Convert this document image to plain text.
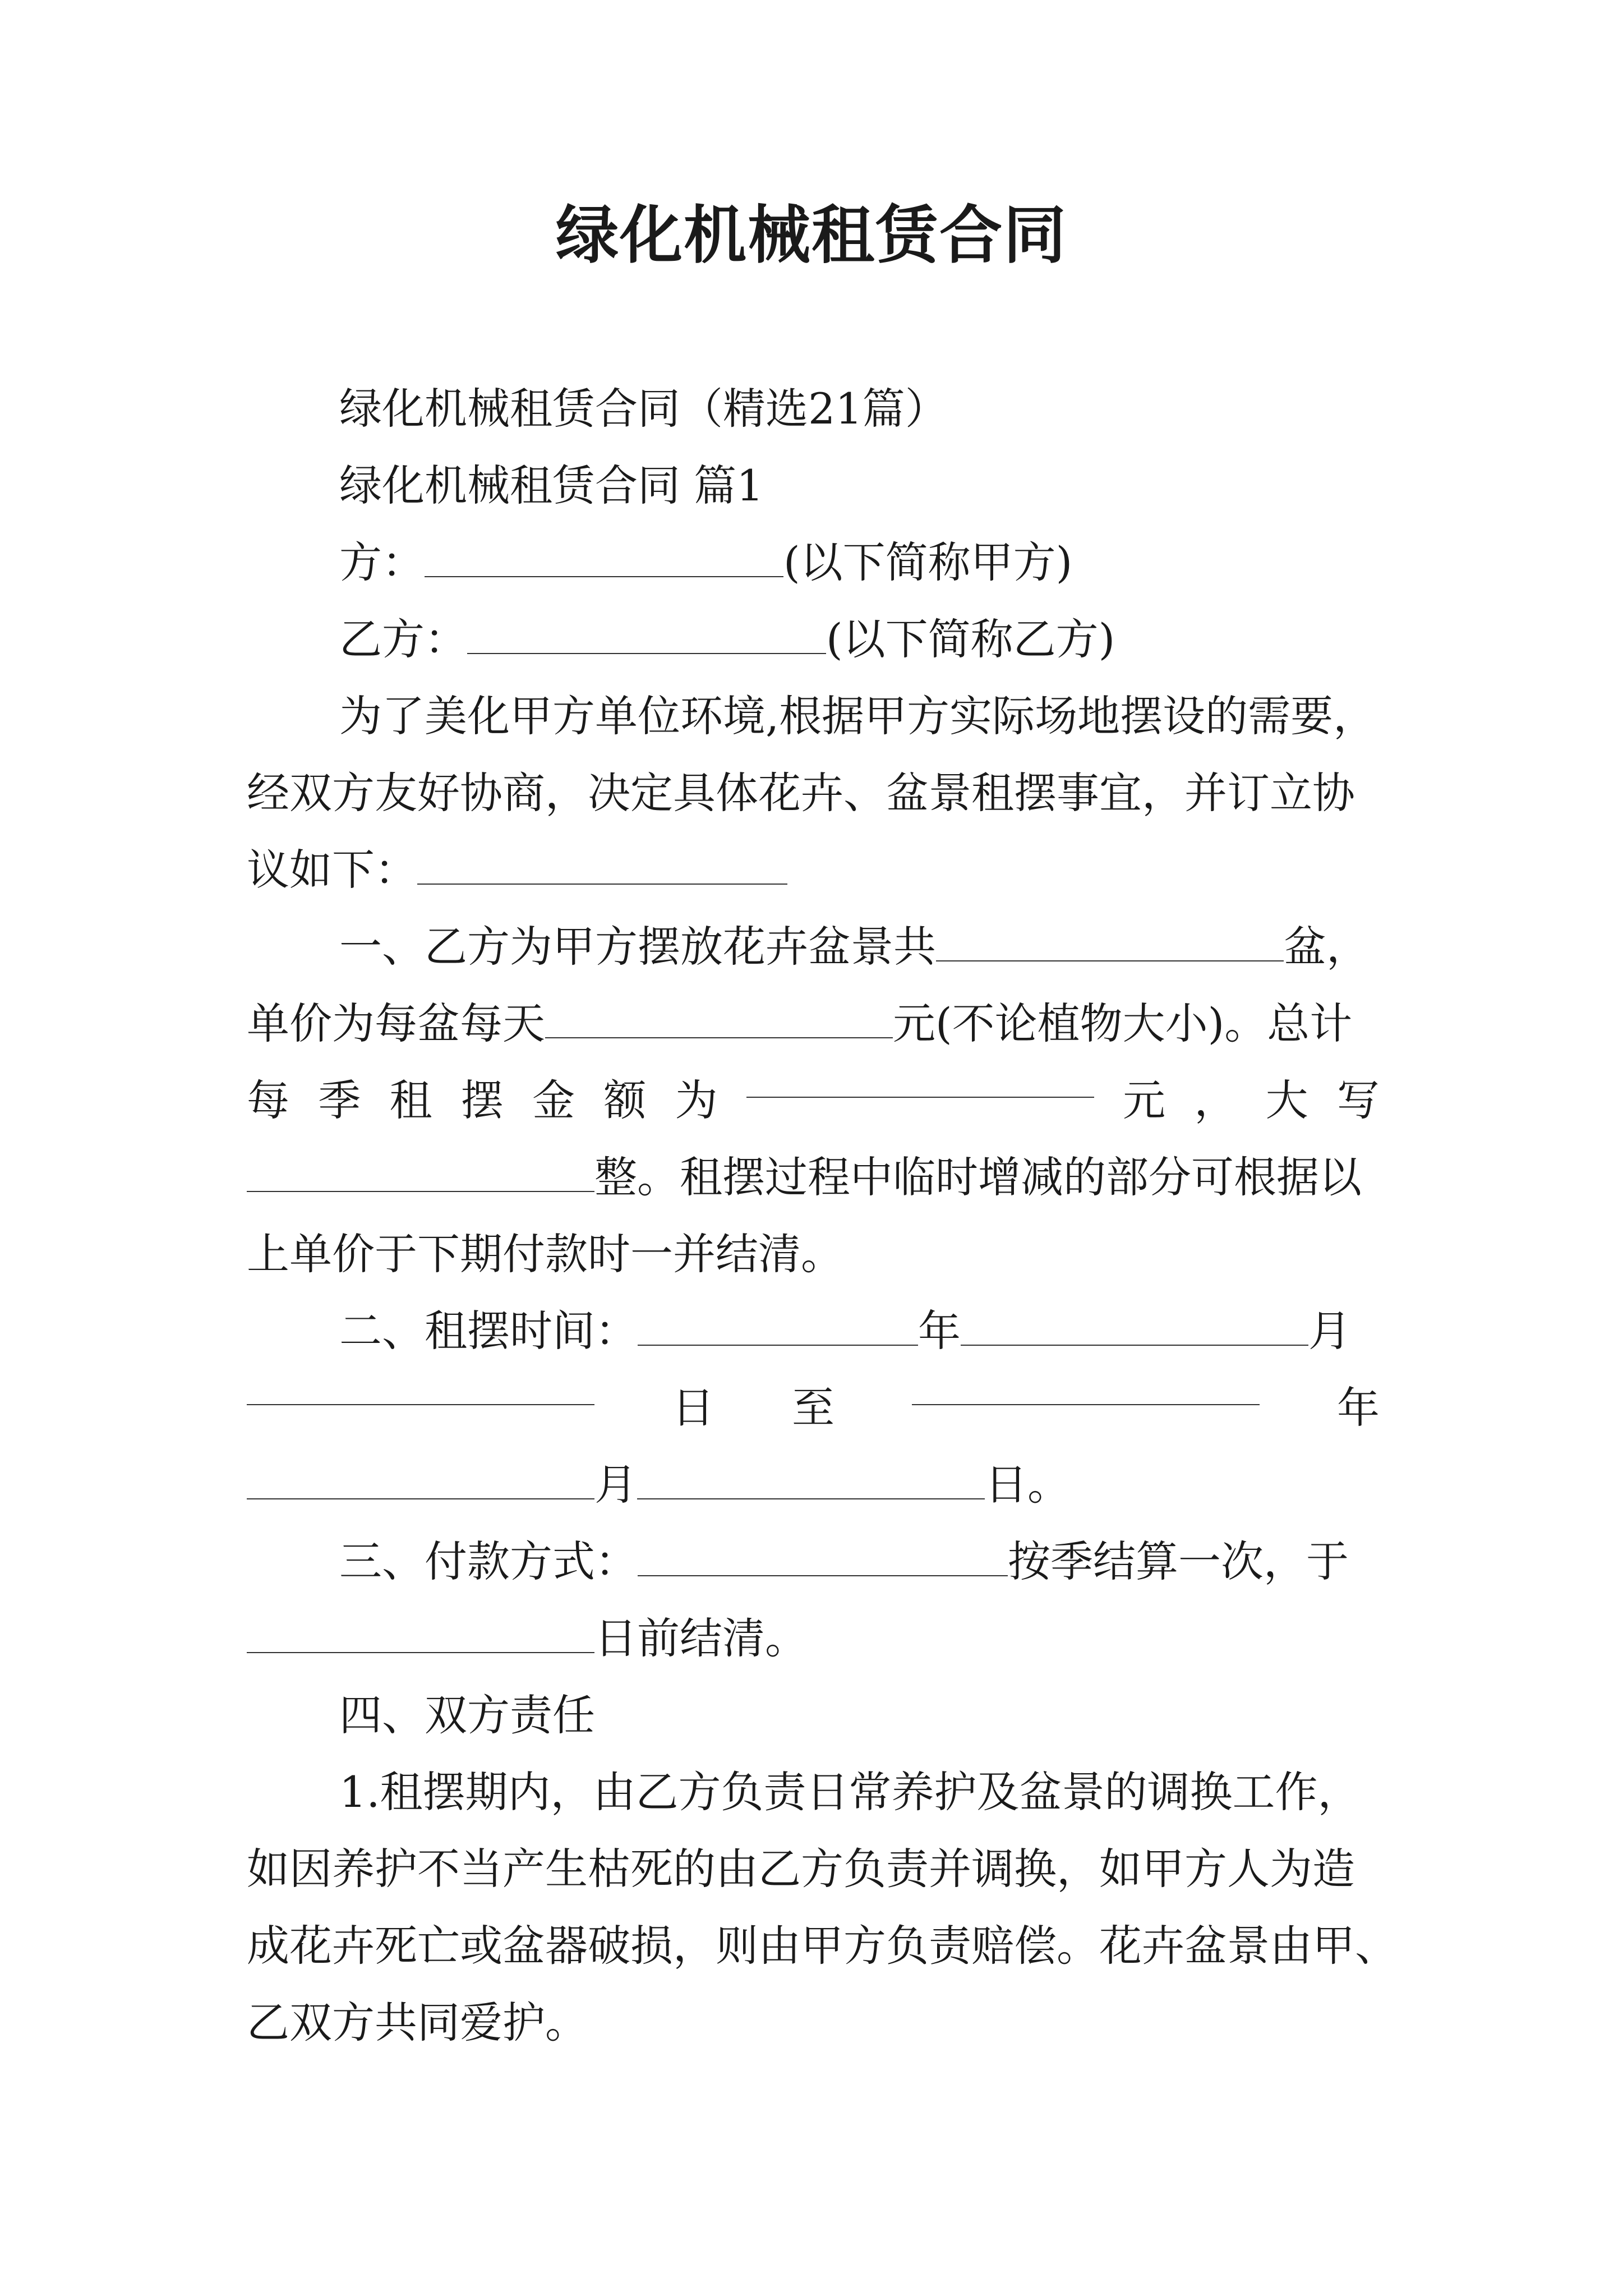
绿化机械租赁合同
绿化机械租赁合同（精选21篇）
绿化机械租赁合同 篇1
方：	(以下简称甲方)
乙方：	(以下简称乙方)
为了美化甲方单位环境,根据甲方实际场地摆设的需要，
经双方友好协商，决定具体花卉、盆景租摆事宜，并订立协
议如下：
一、乙方为甲方摆放花卉盆景共	盆，
单价为每盆每天	元(不论植物大小)。总计
每 季 租 摆 金 额 为	元 ， 大 写
整。租摆过程中临时增减的部分可根据以
上单价于下期付款时一并结清。
二、租摆时间：	年	月
日 至	年
月	日。
三、付款方式：	按季结算一次，于
日前结清。
四、双方责任
1.租摆期内，由乙方负责日常养护及盆景的调换工作，
如因养护不当产生枯死的由乙方负责并调换，如甲方人为造
成花卉死亡或盆器破损，则由甲方负责赔偿。花卉盆景由甲、
乙双方共同爱护。
